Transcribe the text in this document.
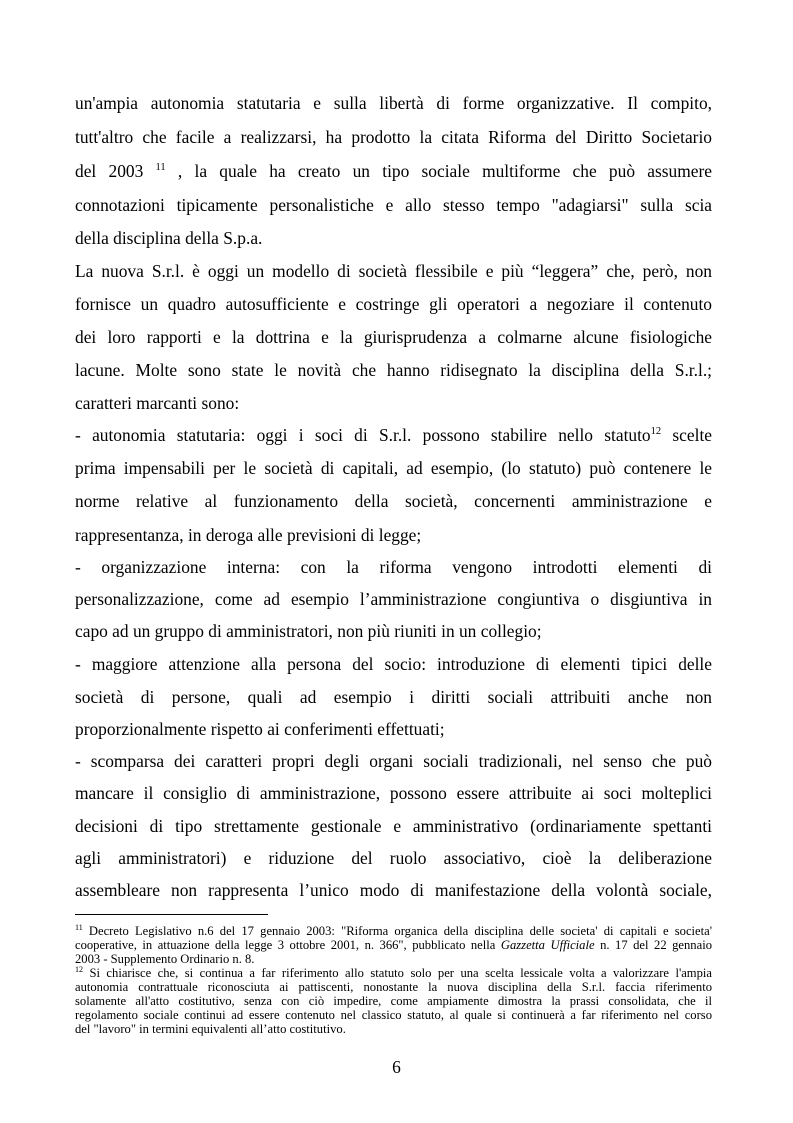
un'ampia autonomia statutaria e sulla libertà di forme organizzative. Il compito,
tutt'altro che facile a realizzarsi, ha prodotto la citata Riforma del Diritto Societario
del 2003 $^{11}$ , la quale ha creato un tipo sociale multiforme che può assumere
connotazioni tipicamente personalistiche e allo stesso tempo "adagiarsi" sulla scia
della disciplina della S.p.a.
La nuova S.r.l. è oggi un modello di società flessibile e più “leggera” che, però, non
fornisce un quadro autosufficiente e costringe gli operatori a negoziare il contenuto
dei loro rapporti e la dottrina e la giurisprudenza a colmarne alcune fisiologiche
lacune. Molte sono state le novità che hanno ridisegnato la disciplina della S.r.l.;
caratteri marcanti sono:
- autonomia statutaria: oggi i soci di S.r.l. possono stabilire nello statuto$^{12}$ scelte
prima impensabili per le società di capitali, ad esempio, (lo statuto) può contenere le
norme relative al funzionamento della società, concernenti amministrazione e
rappresentanza, in deroga alle previsioni di legge;
- organizzazione interna: con la riforma vengono introdotti elementi di
personalizzazione, come ad esempio l’amministrazione congiuntiva o disgiuntiva in
capo ad un gruppo di amministratori, non più riuniti in un collegio;
- maggiore attenzione alla persona del socio: introduzione di elementi tipici delle
società di persone, quali ad esempio i diritti sociali attribuiti anche non
proporzionalmente rispetto ai conferimenti effettuati;
- scomparsa dei caratteri propri degli organi sociali tradizionali, nel senso che può
mancare il consiglio di amministrazione, possono essere attribuite ai soci molteplici
decisioni di tipo strettamente gestionale e amministrativo (ordinariamente spettanti
agli amministratori) e riduzione del ruolo associativo, cioè la deliberazione
assembleare non rappresenta l’unico modo di manifestazione della volontà sociale,
$^{11}$ Decreto Legislativo n.6 del 17 gennaio 2003: "Riforma organica della disciplina delle societa' di capitali e societa'
cooperative, in attuazione della legge 3 ottobre 2001, n. 366", pubblicato nella Gazzetta Ufficiale n. 17 del 22 gennaio
2003 - Supplemento Ordinario n. 8.
$^{12}$ Si chiarisce che, si continua a far riferimento allo statuto solo per una scelta lessicale volta a valorizzare l'ampia
autonomia contrattuale riconosciuta ai pattiscenti, nonostante la nuova disciplina della S.r.l. faccia riferimento
solamente all'atto costitutivo, senza con ciò impedire, come ampiamente dimostra la prassi consolidata, che il
regolamento sociale continui ad essere contenuto nel classico statuto, al quale si continuerà a far riferimento nel corso
del "lavoro" in termini equivalenti all’atto costitutivo.
6
